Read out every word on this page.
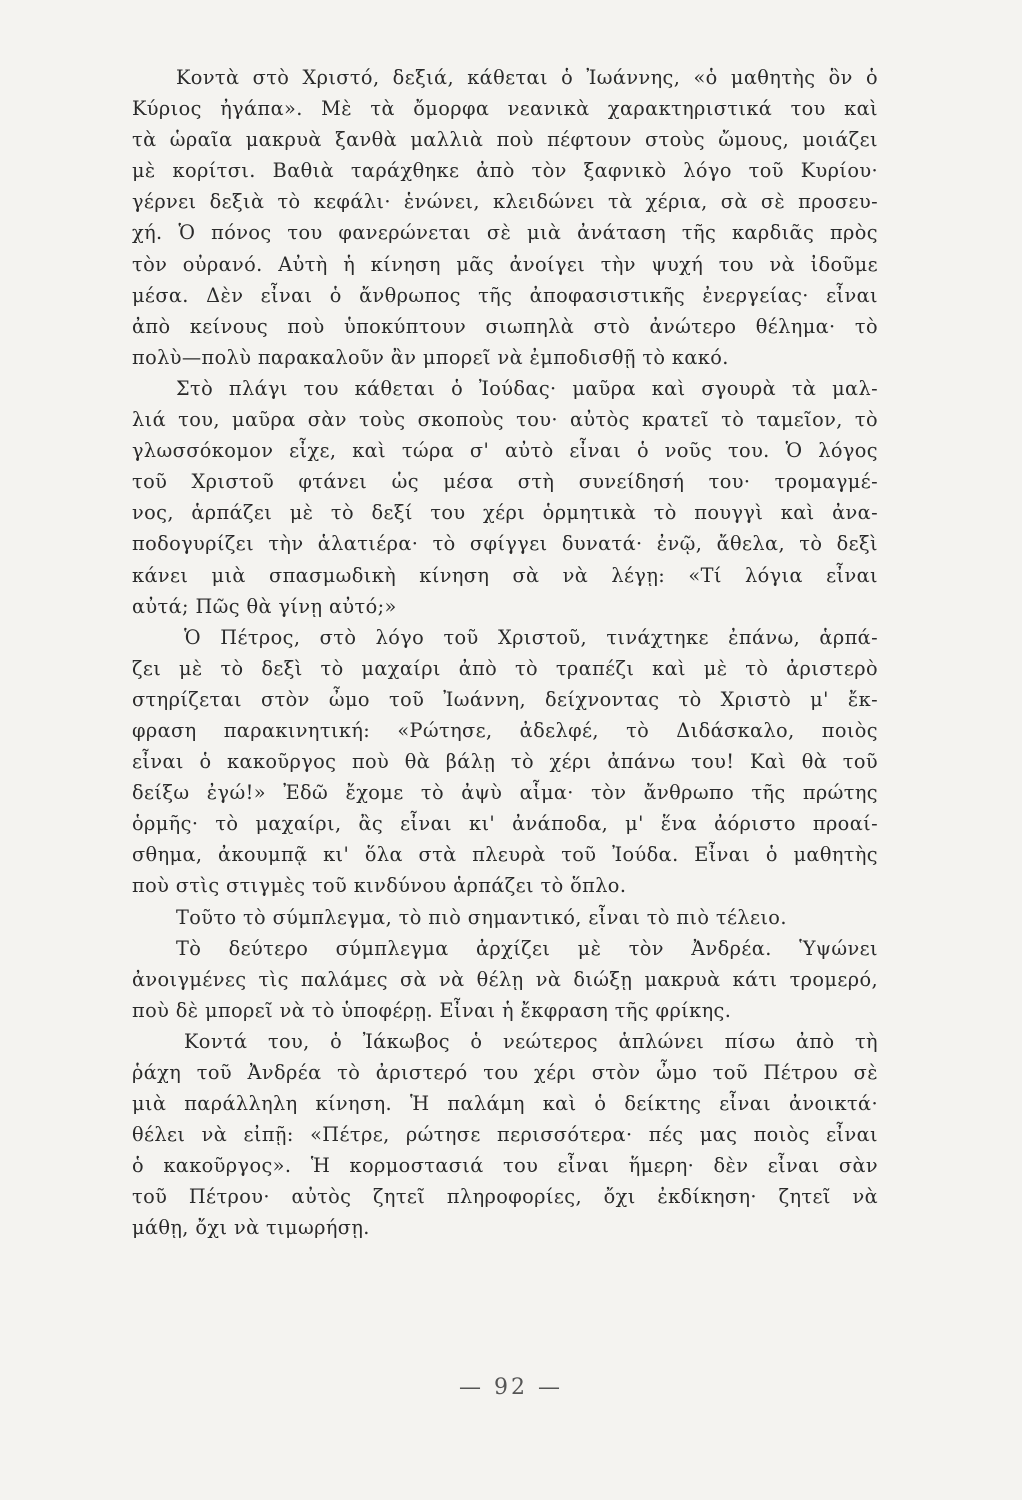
Κοντὰ στὸ Χριστό, δεξιά, κάθεται ὁ Ἰωάννης, «ὁ μαθητὴς ὃν ὁ
Κύριος ἠγάπα». Μὲ τὰ ὄμορφα νεανικὰ χαρακτηριστικά του καὶ
τὰ ὡραῖα μακρυὰ ξανθὰ μαλλιὰ ποὺ πέφτουν στοὺς ὤμους, μοιάζει
μὲ κορίτσι. Βαθιὰ ταράχθηκε ἀπὸ τὸν ξαφνικὸ λόγο τοῦ Κυρίου·
γέρνει δεξιὰ τὸ κεφάλι· ἑνώνει, κλειδώνει τὰ χέρια, σὰ σὲ προσευ-
χή. Ὁ πόνος του φανερώνεται σὲ μιὰ ἀνάταση τῆς καρδιᾶς πρὸς
τὸν οὐρανό. Αὐτὴ ἡ κίνηση μᾶς ἀνοίγει τὴν ψυχή του νὰ ἰδοῦμε
μέσα. Δὲν εἶναι ὁ ἄνθρωπος τῆς ἀποφασιστικῆς ἐνεργείας· εἶναι
ἀπὸ κείνους ποὺ ὑποκύπτουν σιωπηλὰ στὸ ἀνώτερο θέλημα· τὸ
πολὺ—πολὺ παρακαλοῦν ἂν μπορεῖ νὰ ἐμποδισθῇ τὸ κακό.
Στὸ πλάγι του κάθεται ὁ Ἰούδας· μαῦρα καὶ σγουρὰ τὰ μαλ-
λιά του, μαῦρα σὰν τοὺς σκοποὺς του· αὐτὸς κρατεῖ τὸ ταμεῖον, τὸ
γλωσσόκομον εἶχε, καὶ τώρα σ' αὐτὸ εἶναι ὁ νοῦς του. Ὁ λόγος
τοῦ Χριστοῦ φτάνει ὡς μέσα στὴ συνείδησή του· τρομαγμέ-
νος, ἁρπάζει μὲ τὸ δεξί του χέρι ὁρμητικὰ τὸ πουγγὶ καὶ ἀνα-
ποδογυρίζει τὴν ἁλατιέρα· τὸ σφίγγει δυνατά· ἐνῷ, ἄθελα, τὸ δεξὶ
κάνει μιὰ σπασμωδικὴ κίνηση σὰ νὰ λέγῃ: «Τί λόγια εἶναι
αὐτά; Πῶς θὰ γίνῃ αὐτό;»
Ὁ Πέτρος, στὸ λόγο τοῦ Χριστοῦ, τινάχτηκε ἐπάνω, ἁρπά-
ζει μὲ τὸ δεξὶ τὸ μαχαίρι ἀπὸ τὸ τραπέζι καὶ μὲ τὸ ἀριστερὸ
στηρίζεται στὸν ὦμο τοῦ Ἰωάννη, δείχνοντας τὸ Χριστὸ μ' ἔκ-
φραση παρακινητική: «Ρώτησε, ἀδελφέ, τὸ Διδάσκαλο, ποιὸς
εἶναι ὁ κακοῦργος ποὺ θὰ βάλῃ τὸ χέρι ἀπάνω του! Καὶ θὰ τοῦ
δείξω ἐγώ!» Ἐδῶ ἔχομε τὸ ἀψὺ αἷμα· τὸν ἄνθρωπο τῆς πρώτης
ὁρμῆς· τὸ μαχαίρι, ἂς εἶναι κι' ἀνάποδα, μ' ἕνα ἀόριστο προαί-
σθημα, ἀκουμπᾷ κι' ὅλα στὰ πλευρὰ τοῦ Ἰούδα. Εἶναι ὁ μαθητὴς
ποὺ στὶς στιγμὲς τοῦ κινδύνου ἁρπάζει τὸ ὅπλο.
Τοῦτο τὸ σύμπλεγμα, τὸ πιὸ σημαντικό, εἶναι τὸ πιὸ τέλειο.
Τὸ δεύτερο σύμπλεγμα ἀρχίζει μὲ τὸν Ἀνδρέα. Ὑψώνει
ἀνοιγμένες τὶς παλάμες σὰ νὰ θέλῃ νὰ διώξῃ μακρυὰ κάτι τρομερό,
ποὺ δὲ μπορεῖ νὰ τὸ ὑποφέρῃ. Εἶναι ἡ ἔκφραση τῆς φρίκης.
Κοντά του, ὁ Ἰάκωβος ὁ νεώτερος ἁπλώνει πίσω ἀπὸ τὴ
ῥάχη τοῦ Ἀνδρέα τὸ ἀριστερό του χέρι στὸν ὦμο τοῦ Πέτρου σὲ
μιὰ παράλληλη κίνηση. Ἡ παλάμη καὶ ὁ δείκτης εἶναι ἀνοικτά·
θέλει νὰ εἰπῇ: «Πέτρε, ρώτησε περισσότερα· πές μας ποιὸς εἶναι
ὁ κακοῦργος». Ἡ κορμοστασιά του εἶναι ἥμερη· δὲν εἶναι σὰν
τοῦ Πέτρου· αὐτὸς ζητεῖ πληροφορίες, ὄχι ἐκδίκηση· ζητεῖ νὰ
μάθῃ, ὄχι νὰ τιμωρήσῃ.
— 92 —
